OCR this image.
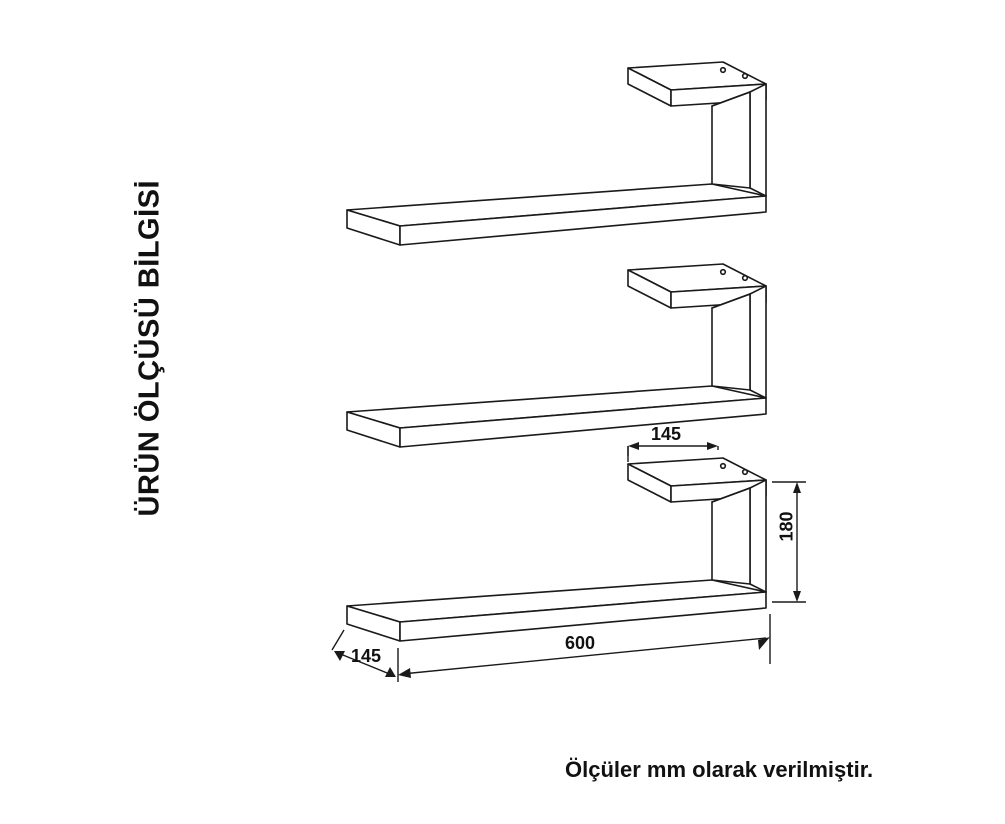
ÜRÜN ÖLÇÜSÜ BİLGİSİ	145
180
600
145
Ölçüler mm olarak verilmiştir.
